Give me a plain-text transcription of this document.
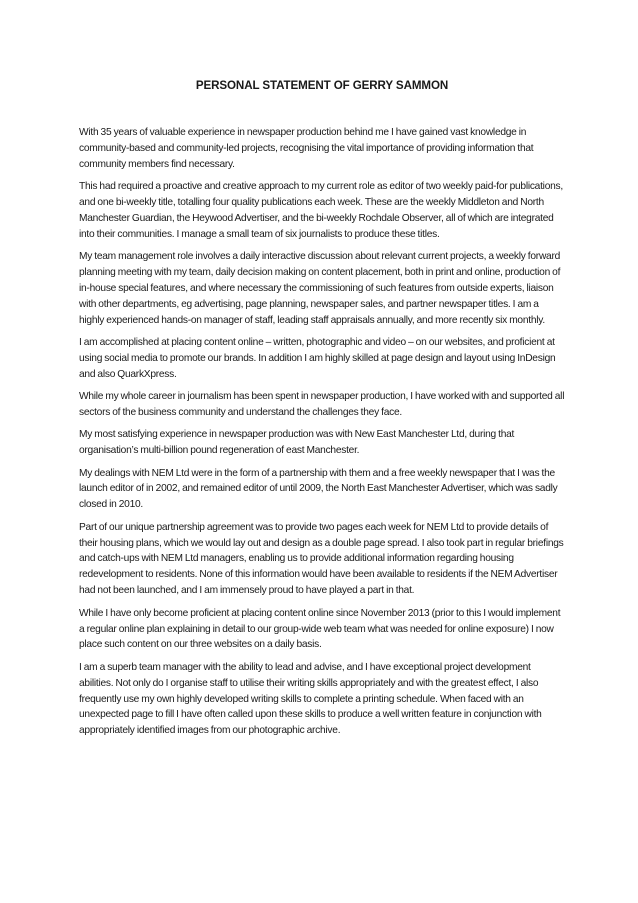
PERSONAL STATEMENT OF GERRY SAMMON

With 35 years of valuable experience in newspaper production behind me I have gained vast knowledge in community-based and community-led projects, recognising the vital importance of providing information that community members find necessary.

This had required a proactive and creative approach to my current role as editor of two weekly paid-for publications, and one bi-weekly title, totalling four quality publications each week. These are the weekly Middleton and North Manchester Guardian, the Heywood Advertiser, and the bi-weekly Rochdale Observer, all of which are integrated into their communities. I manage a small team of six journalists to produce these titles.

My team management role involves a daily interactive discussion about relevant current projects, a weekly forward planning meeting with my team, daily decision making on content placement, both in print and online, production of in-house special features, and where necessary the commissioning of such features from outside experts, liaison with other departments, eg advertising, page planning, newspaper sales, and partner newspaper titles. I am a highly experienced hands-on manager of staff, leading staff appraisals annually, and more recently six monthly.

I am accomplished at placing content online – written, photographic and video – on our websites, and proficient at using social media to promote our brands. In addition I am highly skilled at page design and layout using InDesign and also QuarkXpress.

While my whole career in journalism has been spent in newspaper production, I have worked with and supported all sectors of the business community and understand the challenges they face.

My most satisfying experience in newspaper production was with New East Manchester Ltd, during that organisation’s multi-billion pound regeneration of east Manchester.

My dealings with NEM Ltd were in the form of a partnership with them and a free weekly newspaper that I was the launch editor of in 2002, and remained editor of until 2009, the North East Manchester Advertiser, which was sadly closed in 2010.

Part of our unique partnership agreement was to provide two pages each week for NEM Ltd to provide details of their housing plans, which we would lay out and design as a double page spread. I also took part in regular briefings and catch-ups with NEM Ltd managers, enabling us to provide additional information regarding housing redevelopment to residents. None of this information would have been available to residents if the NEM Advertiser had not been launched, and I am immensely proud to have played a part in that.

While I have only become proficient at placing content online since November 2013 (prior to this I would implement a regular online plan explaining in detail to our group-wide web team what was needed for online exposure) I now place such content on our three websites on a daily basis.

I am a superb team manager with the ability to lead and advise, and I have exceptional project development abilities. Not only do I organise staff to utilise their writing skills appropriately and with the greatest effect, I also frequently use my own highly developed writing skills to complete a printing schedule. When faced with an unexpected page to fill I have often called upon these skills to produce a well written feature in conjunction with appropriately identified images from our photographic archive.
